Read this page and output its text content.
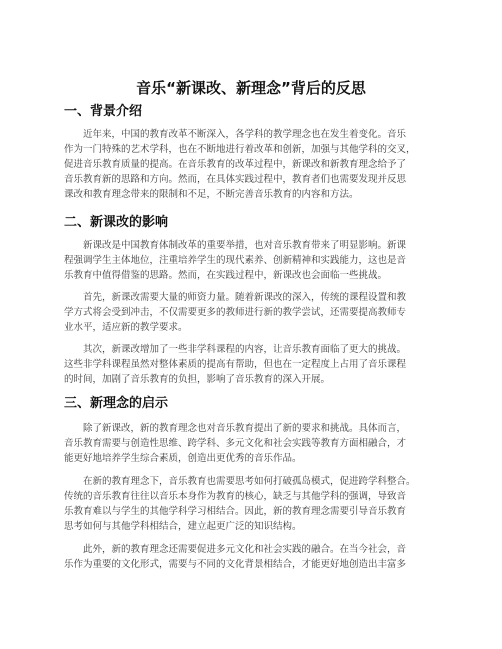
音乐“新课改、新理念”背后的反思
一、背景介绍
近年来，中国的教育改革不断深入，各学科的教学理念也在发生着变化。音乐
作为一门特殊的艺术学科，也在不断地进行着改革和创新，加强与其他学科的交叉，
促进音乐教育质量的提高。在音乐教育的改革过程中，新课改和新教育理念给予了
音乐教育新的思路和方向。然而，在具体实践过程中，教育者们也需要发现并反思
课改和教育理念带来的限制和不足，不断完善音乐教育的内容和方法。
二、新课改的影响
新课改是中国教育体制改革的重要举措，也对音乐教育带来了明显影响。新课
程强调学生主体地位，注重培养学生的现代素养、创新精神和实践能力，这也是音
乐教育中值得借鉴的思路。然而，在实践过程中，新课改也会面临一些挑战。
首先，新课改需要大量的师资力量。随着新课改的深入，传统的课程设置和教
学方式将会受到冲击，不仅需要更多的教师进行新的教学尝试，还需要提高教师专
业水平，适应新的教学要求。
其次，新课改增加了一些非学科课程的内容，让音乐教育面临了更大的挑战。
这些非学科课程虽然对整体素质的提高有帮助，但也在一定程度上占用了音乐课程
的时间，加剧了音乐教育的负担，影响了音乐教育的深入开展。
三、新理念的启示
除了新课改，新的教育理念也对音乐教育提出了新的要求和挑战。具体而言，
音乐教育需要与创造性思维、跨学科、多元文化和社会实践等教育方面相融合，才
能更好地培养学生综合素质，创造出更优秀的音乐作品。
在新的教育理念下，音乐教育也需要思考如何打破孤岛模式，促进跨学科整合。
传统的音乐教育往往以音乐本身作为教育的核心，缺乏与其他学科的强调，导致音
乐教育难以与学生的其他学科学习相结合。因此，新的教育理念需要引导音乐教育
思考如何与其他学科相结合，建立起更广泛的知识结构。
此外，新的教育理念还需要促进多元文化和社会实践的融合。在当今社会，音
乐作为重要的文化形式，需要与不同的文化背景相结合，才能更好地创造出丰富多
